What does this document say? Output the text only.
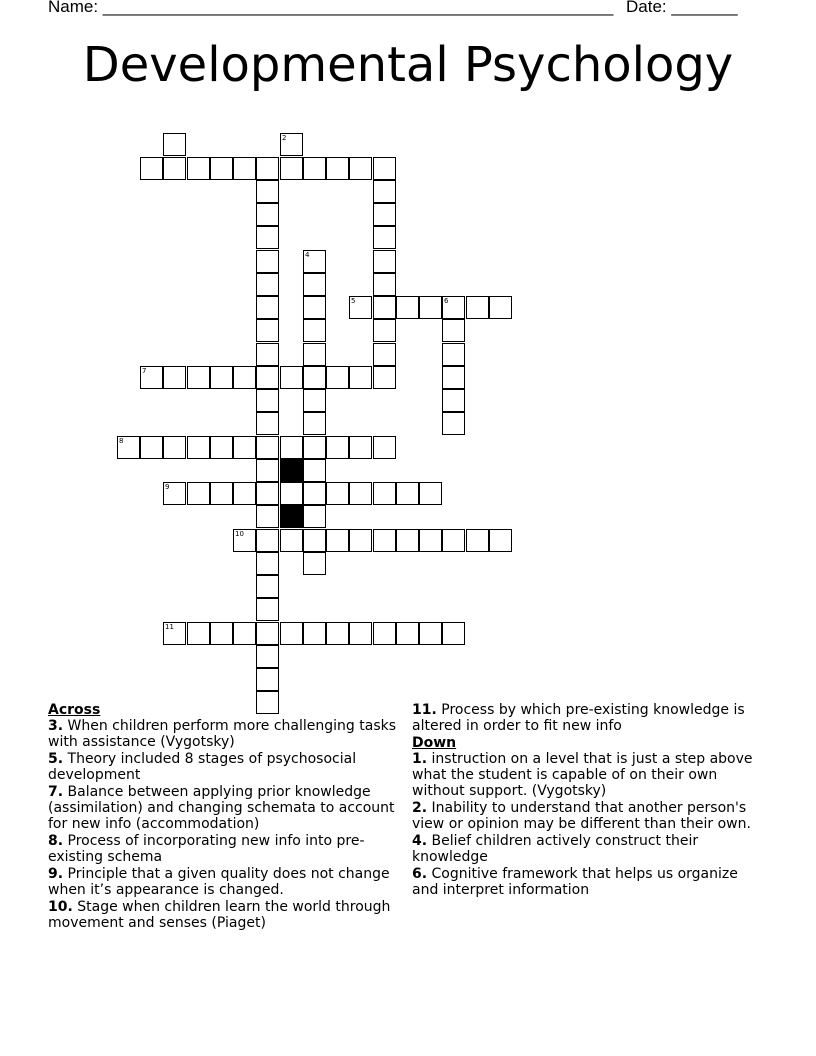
Name: ______________________________________________________ Date: _______
Developmental Psychology
2
4
5	6
7
8
9
10
11
Across
3. When children perform more challenging tasks with assistance (Vygotsky)
5. Theory included 8 stages of psychosocial development
7. Balance between applying prior knowledge (assimilation) and changing schemata to account for new info (accommodation)
8. Process of incorporating new info into pre-existing schema
9. Principle that a given quality does not change when it’s appearance is changed.
10. Stage when children learn the world through movement and senses (Piaget)
11. Process by which pre-existing knowledge is altered in order to fit new info
Down
1. instruction on a level that is just a step above what the student is capable of on their own without support. (Vygotsky)
2. Inability to understand that another person's view or opinion may be different than their own.
4. Belief children actively construct their knowledge
6. Cognitive framework that helps us organize and interpret information
